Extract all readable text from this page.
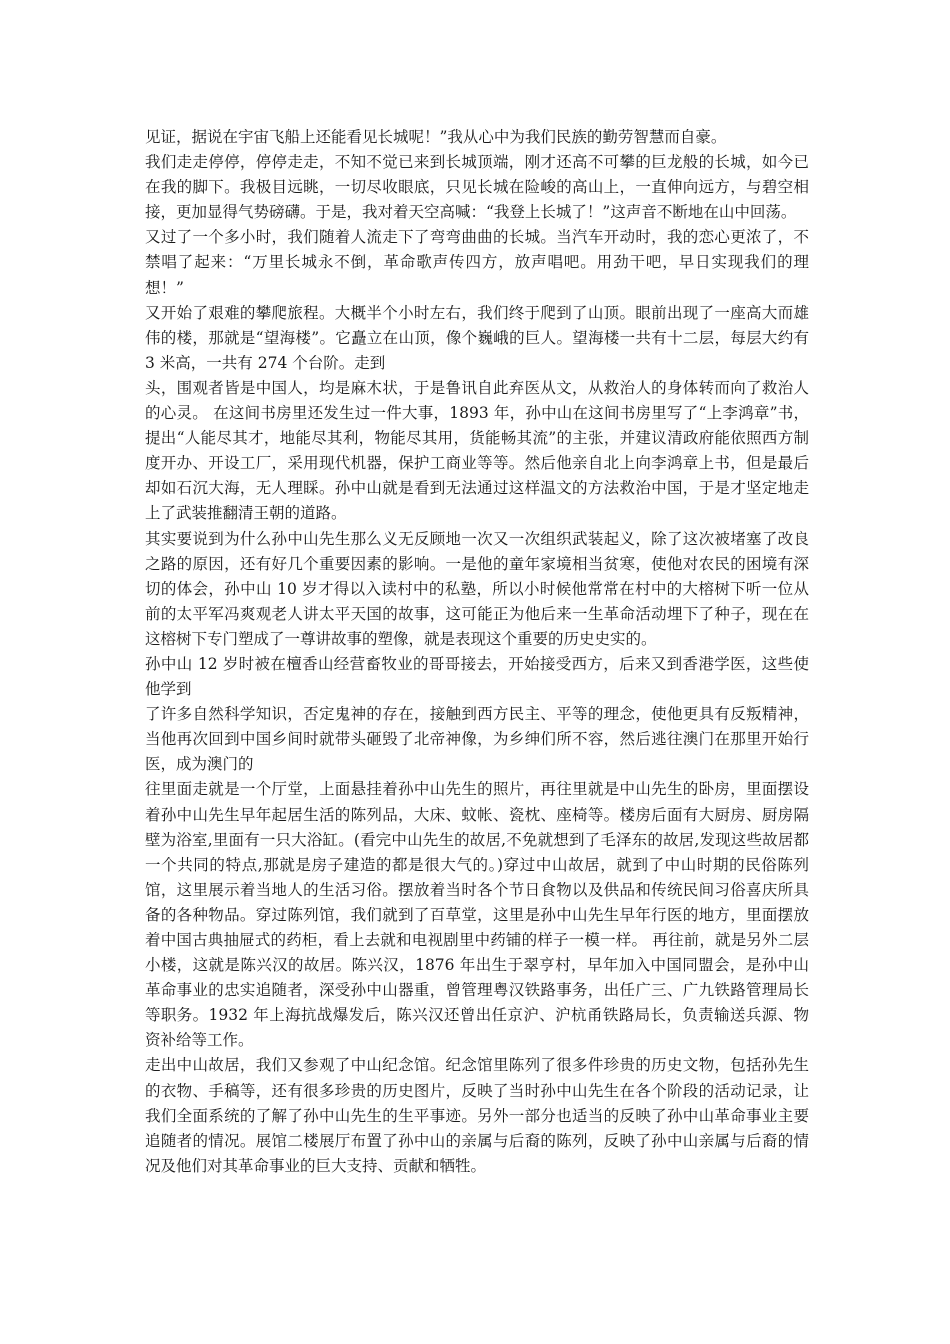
见证，据说在宇宙飞船上还能看见长城呢！”我从心中为我们民族的勤劳智慧而自豪。

我们走走停停，停停走走，不知不觉已来到长城顶端，刚才还高不可攀的巨龙般的长城，如今已在我的脚下。我极目远眺，一切尽收眼底，只见长城在险峻的高山上，一直伸向远方，与碧空相接，更加显得气势磅礴。于是，我对着天空高喊：“我登上长城了！”这声音不断地在山中回荡。

又过了一个多小时，我们随着人流走下了弯弯曲曲的长城。当汽车开动时，我的恋心更浓了，不禁唱了起来：“万里长城永不倒，革命歌声传四方，放声唱吧。用劲干吧，早日实现我们的理想！”

又开始了艰难的攀爬旅程。大概半个小时左右，我们终于爬到了山顶。眼前出现了一座高大而雄伟的楼，那就是“望海楼”。它矗立在山顶，像个巍峨的巨人。望海楼一共有十二层，每层大约有 3 米高，一共有 274 个台阶。走到

头，围观者皆是中国人，均是麻木状，于是鲁讯自此弃医从文，从救治人的身体转而向了救治人的心灵。 在这间书房里还发生过一件大事，1893 年，孙中山在这间书房里写了“上李鸿章”书，提出“人能尽其才，地能尽其利，物能尽其用，货能畅其流”的主张，并建议清政府能依照西方制度开办、开设工厂，采用现代机器，保护工商业等等。然后他亲自北上向李鸿章上书，但是最后却如石沉大海，无人理睬。孙中山就是看到无法通过这样温文的方法救治中国，于是才坚定地走上了武装推翻清王朝的道路。

其实要说到为什么孙中山先生那么义无反顾地一次又一次组织武装起义，除了这次被堵塞了改良之路的原因，还有好几个重要因素的影响。一是他的童年家境相当贫寒，使他对农民的困境有深切的体会，孙中山 10 岁才得以入读村中的私塾，所以小时候他常常在村中的大榕树下听一位从前的太平军冯爽观老人讲太平天国的故事，这可能正为他后来一生革命活动埋下了种子，现在在这榕树下专门塑成了一尊讲故事的塑像，就是表现这个重要的历史史实的。

孙中山 12 岁时被在檀香山经营畜牧业的哥哥接去，开始接受西方，后来又到香港学医，这些使他学到

了许多自然科学知识，否定鬼神的存在，接触到西方民主、平等的理念，使他更具有反叛精神，当他再次回到中国乡间时就带头砸毁了北帝神像，为乡绅们所不容，然后逃往澳门在那里开始行医，成为澳门的

往里面走就是一个厅堂，上面悬挂着孙中山先生的照片，再往里就是中山先生的卧房，里面摆设着孙中山先生早年起居生活的陈列品，大床、蚊帐、瓷枕、座椅等。楼房后面有大厨房、厨房隔壁为浴室,里面有一只大浴缸。(看完中山先生的故居,不免就想到了毛泽东的故居,发现这些故居都一个共同的特点,那就是房子建造的都是很大气的。)穿过中山故居，就到了中山时期的民俗陈列馆，这里展示着当地人的生活习俗。摆放着当时各个节日食物以及供品和传统民间习俗喜庆所具备的各种物品。穿过陈列馆，我们就到了百草堂，这里是孙中山先生早年行医的地方，里面摆放着中国古典抽屉式的药柜，看上去就和电视剧里中药铺的样子一模一样。 再往前，就是另外二层小楼，这就是陈兴汉的故居。陈兴汉，1876 年出生于翠亨村，早年加入中国同盟会，是孙中山革命事业的忠实追随者，深受孙中山器重，曾管理粤汉铁路事务，出任广三、广九铁路管理局长等职务。1932 年上海抗战爆发后，陈兴汉还曾出任京沪、沪杭甬铁路局长，负责输送兵源、物资补给等工作。

走出中山故居，我们又参观了中山纪念馆。纪念馆里陈列了很多件珍贵的历史文物，包括孙先生的衣物、手稿等，还有很多珍贵的历史图片，反映了当时孙中山先生在各个阶段的活动记录，让我们全面系统的了解了孙中山先生的生平事迹。另外一部分也适当的反映了孙中山革命事业主要追随者的情况。展馆二楼展厅布置了孙中山的亲属与后裔的陈列，反映了孙中山亲属与后裔的情况及他们对其革命事业的巨大支持、贡献和牺牲。
